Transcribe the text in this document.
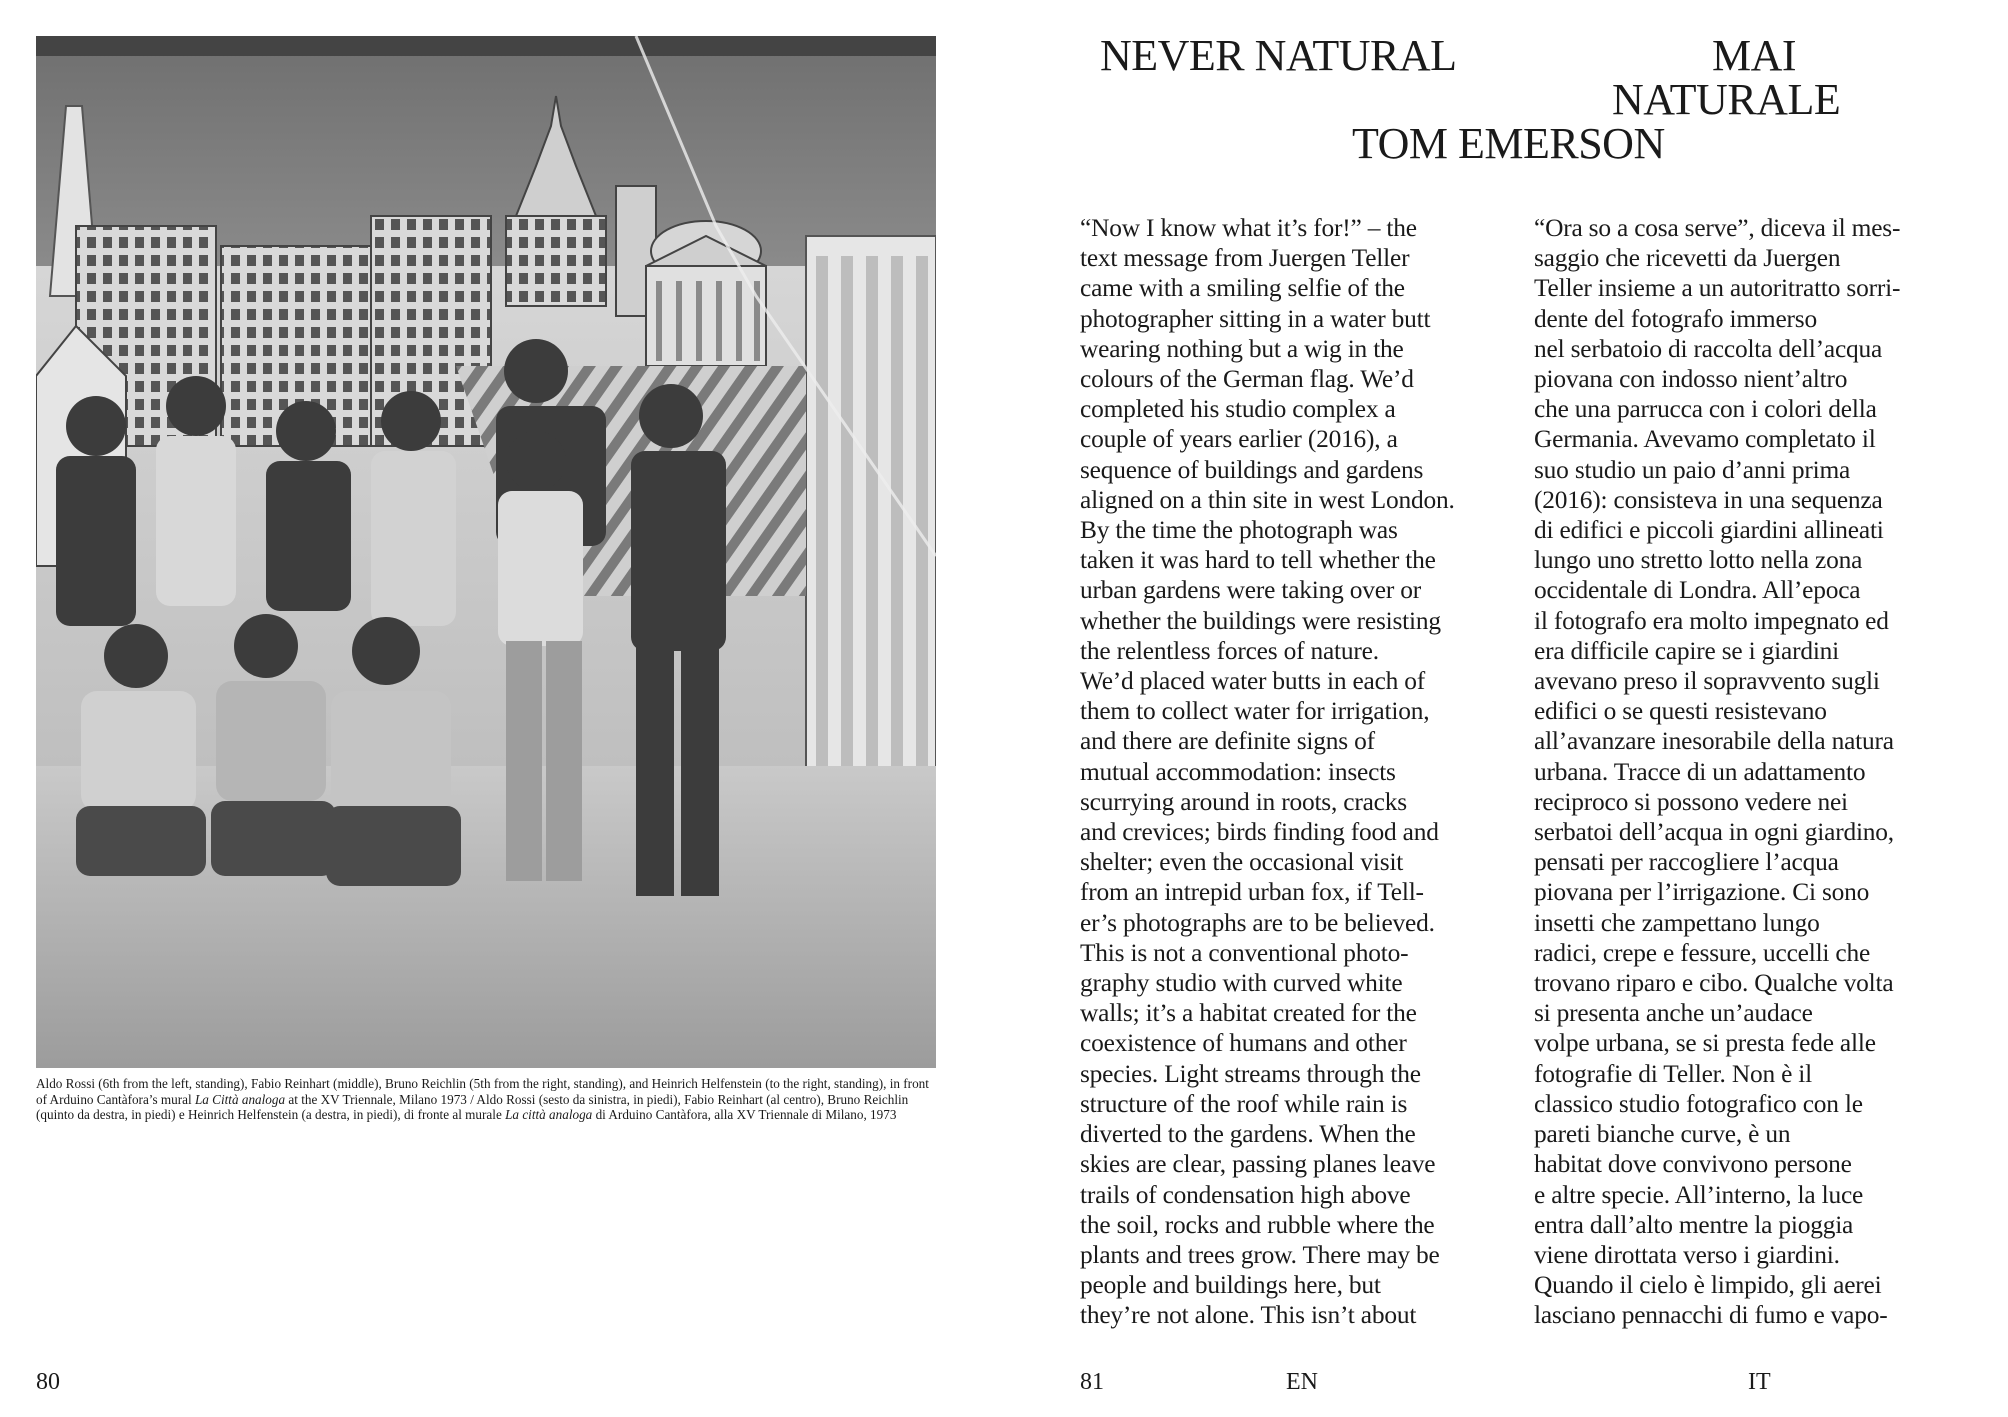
Aldo Rossi (6th from the left, standing), Fabio Reinhart (middle), Bruno Reichlin (5th from the right, standing), and Heinrich Helfenstein (to the right, standing), in front of Arduino Cantàfora’s mural La Città analoga at the XV Triennale, Milano 1973 / Aldo Rossi (sesto da sinistra, in piedi), Fabio Reinhart (al centro), Bruno Reichlin (quinto da destra, in piedi) e Heinrich Helfenstein (a destra, in piedi), di fronte al murale La città analoga di Arduino Cantàfora, alla XV Triennale di Milano, 1973
80
NEVER NATURAL	MAI
NATURALE
TOM EMERSON
“Now I know what it’s for!” – the
text message from Juergen Teller
came with a smiling selfie of the
photographer sitting in a water butt
wearing nothing but a wig in the
colours of the German flag. We’d
completed his studio complex a
couple of years earlier (2016), a
sequence of buildings and gardens
aligned on a thin site in west London.
By the time the photograph was
taken it was hard to tell whether the
urban gardens were taking over or
whether the buildings were resisting
the relentless forces of nature.
We’d placed water butts in each of
them to collect water for irrigation,
and there are definite signs of
mutual accommodation: insects
scurrying around in roots, cracks
and crevices; birds finding food and
shelter; even the occasional visit
from an intrepid urban fox, if Tell-
er’s photographs are to be believed.
This is not a conventional photo-
graphy studio with curved white
walls; it’s a habitat created for the
coexistence of humans and other
species. Light streams through the
structure of the roof while rain is
diverted to the gardens. When the
skies are clear, passing planes leave
trails of condensation high above
the soil, rocks and rubble where the
plants and trees grow. There may be
people and buildings here, but
they’re not alone. This isn’t about
“Ora so a cosa serve”, diceva il mes-
saggio che ricevetti da Juergen
Teller insieme a un autoritratto sorri-
dente del fotografo immerso
nel serbatoio di raccolta dell’acqua
piovana con indosso nient’altro
che una parrucca con i colori della
Germania. Avevamo completato il
suo studio un paio d’anni prima
(2016): consisteva in una sequenza
di edifici e piccoli giardini allineati
lungo uno stretto lotto nella zona
occidentale di Londra. All’epoca
il fotografo era molto impegnato ed
era difficile capire se i giardini
avevano preso il sopravvento sugli
edifici o se questi resistevano
all’avanzare inesorabile della natura
urbana. Tracce di un adattamento
reciproco si possono vedere nei
serbatoi dell’acqua in ogni giardino,
pensati per raccogliere l’acqua
piovana per l’irrigazione. Ci sono
insetti che zampettano lungo
radici, crepe e fessure, uccelli che
trovano riparo e cibo. Qualche volta
si presenta anche un’audace
volpe urbana, se si presta fede alle
fotografie di Teller. Non è il
classico studio fotografico con le
pareti bianche curve, è un
habitat dove convivono persone
e altre specie. All’interno, la luce
entra dall’alto mentre la pioggia
viene dirottata verso i giardini.
Quando il cielo è limpido, gli aerei
lasciano pennacchi di fumo e vapo-
81	EN	IT
